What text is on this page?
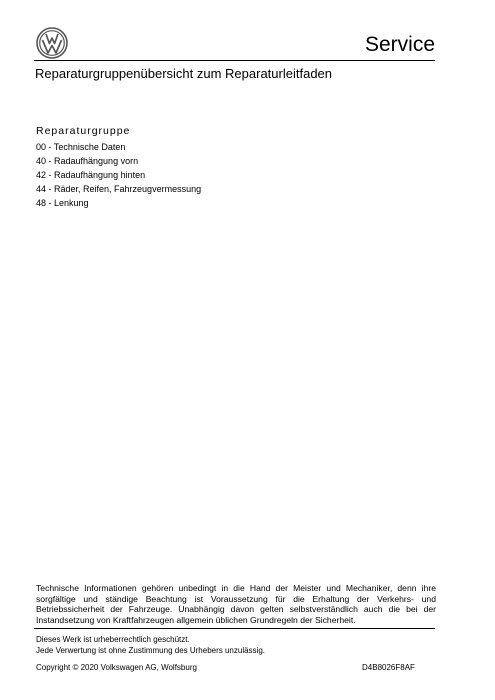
Service
Reparaturgruppenübersicht zum Reparaturleitfaden
Reparaturgruppe
00 - Technische Daten
40 - Radaufhängung vorn
42 - Radaufhängung hinten
44 - Räder, Reifen, Fahrzeugvermessung
48 - Lenkung
Technische Informationen gehören unbedingt in die Hand der Meister und Mechaniker, denn ihre sorgfältige und ständige Beachtung ist Voraussetzung für die Erhaltung der Verkehrs- und Betriebssicherheit der Fahrzeuge. Unabhängig davon gelten selbstverständlich auch die bei der Instandsetzung von Kraftfahrzeugen allgemein üblichen Grundregeln der Sicherheit.
Dieses Werk ist urheberrechtlich geschützt.
Jede Verwertung ist ohne Zustimmung des Urhebers unzulässig.
Copyright © 2020 Volkswagen AG, Wolfsburg	D4B8026F8AF
